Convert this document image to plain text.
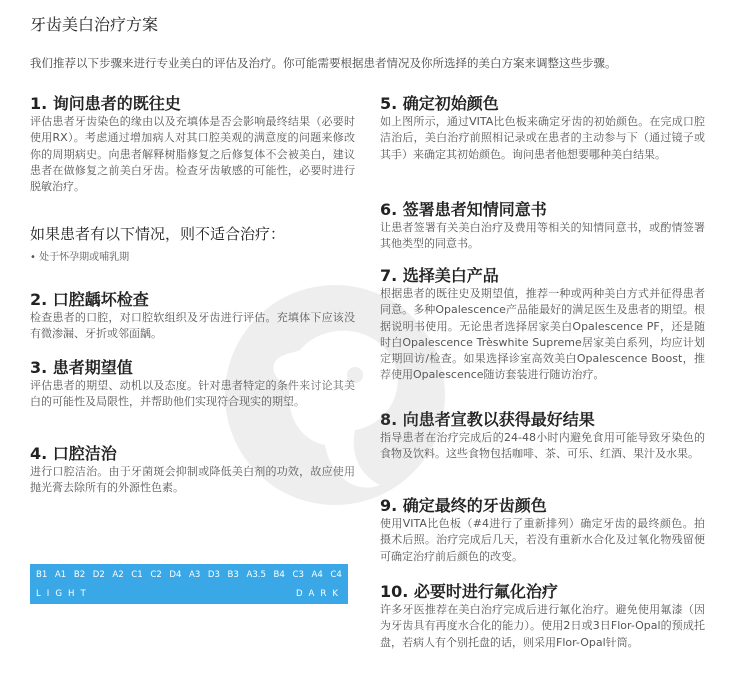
牙齿美白治疗方案
我们推荐以下步骤来进行专业美白的评估及治疗。你可能需要根据患者情况及你所选择的美白方案来调整这些步骤。
1. 询问患者的既往史

评估患者牙齿染色的缘由以及充填体是否会影响最终结果（必要时使用RX）。考虑通过增加病人对其口腔美观的满意度的问题来修改你的周期病史。向患者解释树脂修复之后修复体不会被美白，建议患者在做修复之前美白牙齿。检查牙齿敏感的可能性，必要时进行脱敏治疗。

如果患者有以下情况，则不适合治疗：
• 处于怀孕期或哺乳期
2. 口腔龋坏检查

检查患者的口腔，对口腔软组织及牙齿进行评估。充填体下应该没有微渗漏、牙折或邻面龋。

3. 患者期望值

评估患者的期望、动机以及态度。针对患者特定的条件来讨论其美白的可能性及局限性，并帮助他们实现符合现实的期望。

4. 口腔洁治

进行口腔洁治。由于牙菌斑会抑制或降低美白剂的功效，故应使用抛光膏去除所有的外源性色素。

5. 确定初始颜色

如上图所示，通过VITA比色板来确定牙齿的初始颜色。在完成口腔洁治后，美白治疗前照相记录或在患者的主动参与下（通过镜子或其手）来确定其初始颜色。询问患者他想要哪种美白结果。

6. 签署患者知情同意书

让患者签署有关美白治疗及费用等相关的知情同意书，或酌情签署其他类型的同意书。

7. 选择美白产品

根据患者的既往史及期望值，推荐一种或两种美白方式并征得患者同意。多种Opalescence产品能最好的满足医生及患者的期望。根据说明书使用。无论患者选择居家美白Opalescence PF，还是随时白Opalescence Trèswhite Supreme居家美白系列，均应计划定期回访/检查。如果选择诊室高效美白Opalescence Boost，推荐使用Opalescence随访套装进行随访治疗。

8. 向患者宣教以获得最好结果

指导患者在治疗完成后的24-48小时内避免食用可能导致牙染色的食物及饮料。这些食物包括咖啡、茶、可乐、红酒、果汁及水果。

9. 确定最终的牙齿颜色

使用VITA比色板（#4进行了重新排列）确定牙齿的最终颜色。拍摄术后照。治疗完成后几天，若没有重新水合化及过氧化物残留便可确定治疗前后颜色的改变。

10. 必要时进行氟化治疗

许多牙医推荐在美白治疗完成后进行氟化治疗。避免使用氟漆（因为牙齿具有再度水合化的能力）。使用2日或3日Flor-Opal的预成托盘，若病人有个别托盘的话，则采用Flor-Opal针筒。

B1 A1 B2 D2 A2 C1 C2 D4 A3 D3 B3 A3.5 B4 C3 A4 C4
LIGHT	DARK
